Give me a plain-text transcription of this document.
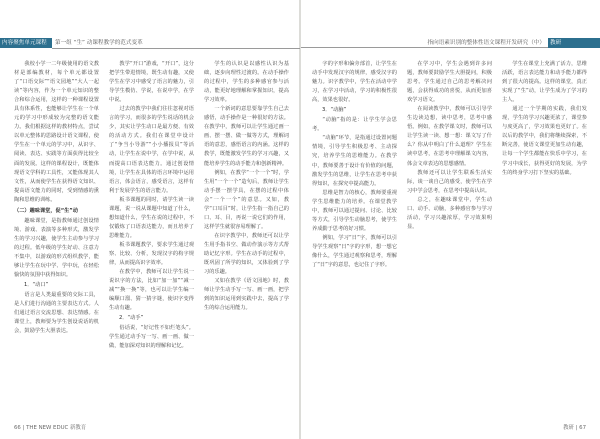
内容聚焦单元课程	第一组 “生” 动课程教学的范式变革	指向语素识别的整体性语文课程开发研究（中） 教研

我校小学一二年级使用的语文教材是部编教材，每个单元都设置了“口语交际”“语文园地”“大人一起读”等内容，作为一个单元知识的整合和综合运用，这样的一种课程设置具有体系性，也能够让学生在一个单元的学习中形成较为完整的语文能力。我们根据这样的教材特点，尝试以单元整体的思路设计语文课程，使学生在一个单元的学习中，从识字、阅读、表达、实践等方面获得比较全面的发展。这样的课程设计，既能体现语文学科的工具性，又能体现其人文性，从而使学生在获得语文知识、提高语文能力的同时，受到情感的熏陶和思维的训练。

（二）趣味课堂，促“生”动

趣味课堂，是指教师通过创设情境、游戏、表演等多种形式，激发学生的学习兴趣，使学生主动参与学习的过程。低年级的学生好动、注意力不集中，以游戏的形式组织教学，能够让学生在玩中学、学中玩，在轻松愉快的氛围中获得知识。

1．“动口”

语言是人类最重要的交际工具，是人们进行沟通的主要表达方式。人们通过语言交流思想、表达情感。在课堂上，教师要为学生创设说话的机会，鼓励学生大胆表达。

教学“开口”游戏，“开口”，这分把学生带进情境，既生动有趣，又使学生在学习中感受了语言的魅力，引导学生模仿、学说，在说中学，在学中说。

过去的教学中我们往往忽视对语言的学习，而很多的学生说话的机会少，其实让学生动口是最方便、有效的活动方式。我们在课堂中设计了“争当小导游”“小小播报员”等活动，让学生在说中学，在学中说，从而提高口语表达能力。通过创设情境，让学生在具体的语言环境中运用语言，体会语言，感受语言，这样有利于发展学生的语言能力。

板书课题的同时，请学生读一读课题，说一说从课题中知道了什么，想知道什么，学生在说的过程中，不仅锻炼了口语表达能力，而且培养了思维能力。

板书课题教学，要求学生通过观察、比较、分析，发现汉字的构字规律，从而提高识字效率。

在教学中，教师可以让学生说一说识字的方法，比如“加一加”“减一减”“换一换”等，也可以让学生编一编顺口溜、猜一猜字谜，使识字变得生动有趣。

2．“动手”

俗话说，“好记性不如烂笔头”。学生通过动手写一写、画一画、做一做，能加深对知识的理解和记忆。

学生的认识是以感性认识为基础，逐步向理性过渡的。在动手操作的过程中，学生的多种感官参与活动，能更好地理解和掌握知识，提高学习效率。

一个新词的意思要靠学生自己去感悟，动手操作是一种很好的方法。在教学中，教师可以让学生通过画一画、摆一摆、做一做等方式，理解词语的意思，感悟语言的内涵。这样的教学，既能激发学生的学习兴趣，又能培养学生的动手能力和创新精神。

例如，在教学“一个一个”时，学生用“一个一个”造句后，教师让学生动手摆一摆学具，在摆的过程中体会“一个一个”的意思。又如，教学“口耳目”时，让学生指一指自己的口、耳、目，再说一说它们的作用，这样学生就很容易理解了。

在识字教学中，教师还可以让学生用手指书空、做动作演示等方式帮助记忆字形。学生在动手的过程中，既巩固了所学的知识，又体验到了学习的乐趣。

又如在教学《语文园地》时，教师让学生动手写一写、画一画，把学到的知识运用到实践中去，提高了学生的综合运用能力。

字的字形和偏旁部首，让学生在动手中发现汉字的规律，感受汉字的魅力。识字教学中，学生在活动中学习，在学习中活动，学习的积极性很高，效果也很好。

3．“动脑”

“动脑”指的是：让学生学会思考。

“动脑”环节，是指通过设置问题情境，引导学生积极思考、主动探究，培养学生的思维能力。在教学中，教师要善于设计有价值的问题，激发学生的思维，让学生在思考中获得知识，在探究中提高能力。

思维是智力的核心，教师要重视学生思维能力的培养。在课堂教学中，教师可以通过提问、讨论、比较等方式，引导学生动脑思考，使学生养成勤于思考的好习惯。

例如，学习“日”字，教师可以引导学生观察“日”字的字形，想一想它像什么，学生通过观察和思考，理解了“日”字的意思，也记住了字形。

在学习中，学生会遇到许多问题，教师要鼓励学生大胆提问，积极思考。学生通过自己的思考解决问题，会获得成功的喜悦，从而更加喜欢学习语文。

在阅读教学中，教师可以引导学生边读边想，读中思考，思考中感悟。例如，在教学课文时，教师可以让学生读一读、想一想：课文写了什么？你从中明白了什么道理？学生在读中思考，在思考中理解课文内容，体会文章表达的思想感情。

教师还可以让学生联系生活实际，谈一谈自己的感受，使学生在学习中学会思考，在思考中提高认识。

总之，在趣味课堂中，学生动口、动手、动脑，多种感官参与学习活动，学习兴趣浓厚，学习效果明显。

学生在课堂上充满了活力，思维活跃，语言表达能力和动手能力都得到了很大的提高。这样的课堂，真正实现了“生”动，让学生成为了学习的主人。

通过一个学期的实践，我们发现，学生的学习兴趣更浓了，课堂参与度更高了，学习效果也更好了。在以后的教学中，我们将继续探索，不断完善，使语文课堂更加生动有趣，让每一个学生都能在快乐中学习，在学习中成长，获得更好的发展，为学生的终身学习打下坚实的基础。

66 | THE NEW EDUC 新教育	教研 | 67
